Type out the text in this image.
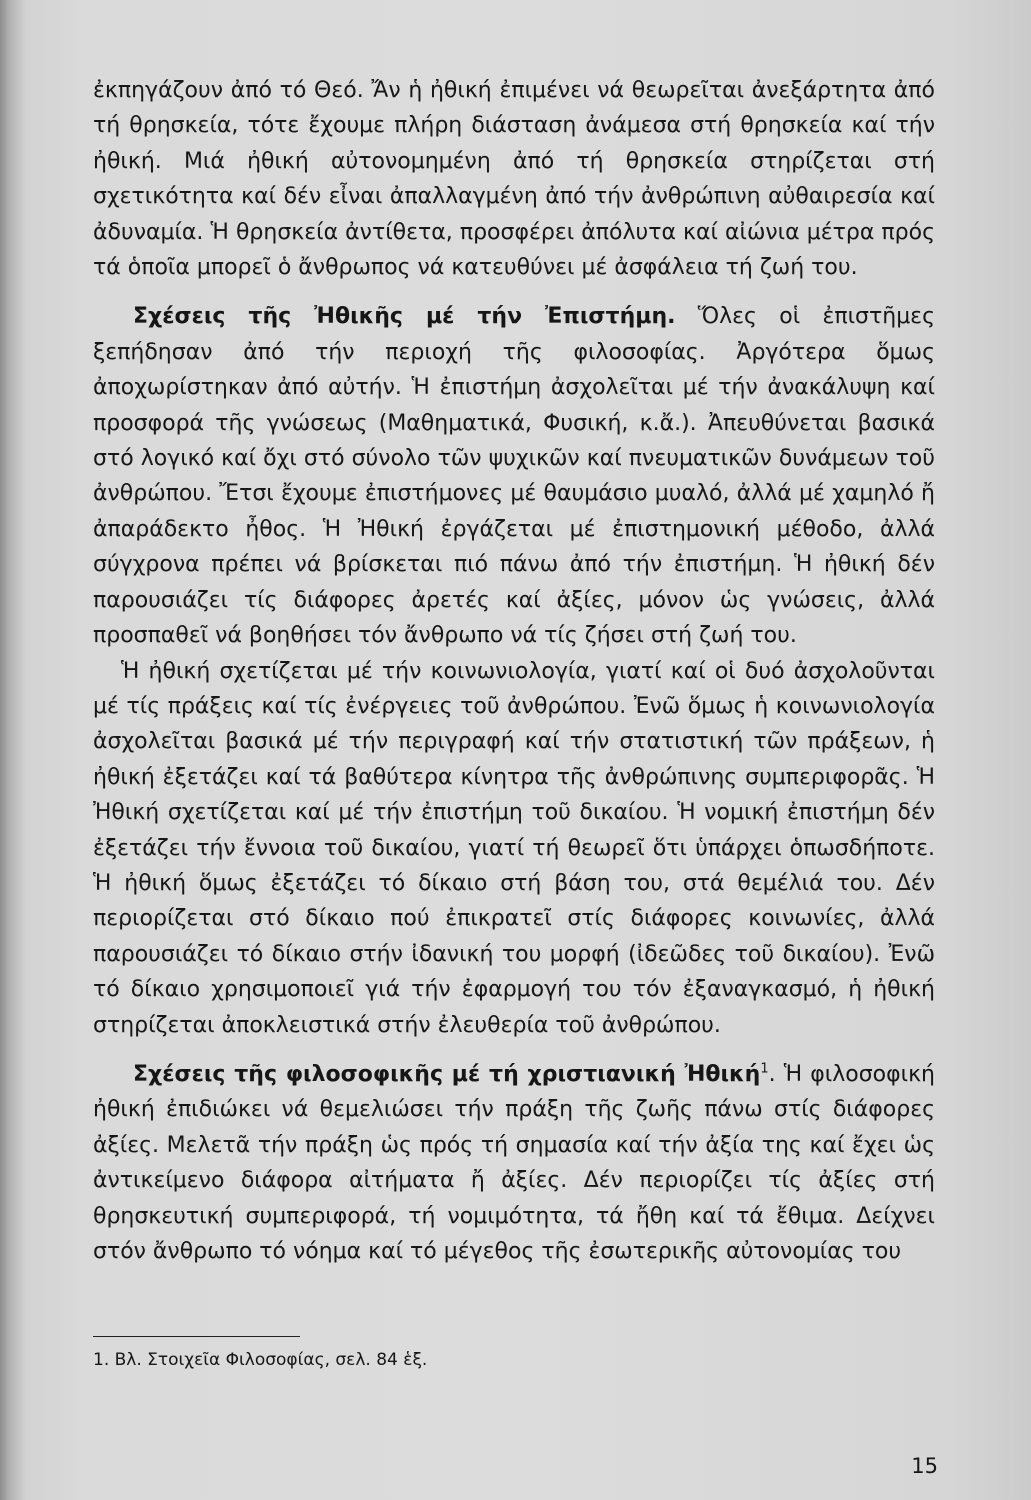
ἐκπηγάζουν ἀπό τό Θεό. Ἄν ἡ ἠθική ἐπιμένει νά θεωρεῖται ἀνεξάρτητα ἀπό τή θρησκεία, τότε ἔχουμε πλήρη διάσταση ἀνάμεσα στή θρησκεία καί τήν ἠθική. Μιά ἠθική αὐτονομημένη ἀπό τή θρησκεία στηρίζεται στή σχετικότητα καί δέν εἶναι ἀπαλλαγμένη ἀπό τήν ἀνθρώπινη αὐθαιρεσία καί ἀδυναμία. Ἡ θρησκεία ἀντίθετα, προσφέρει ἀπόλυτα καί αἰώνια μέτρα πρός τά ὁποῖα μπορεῖ ὁ ἄνθρωπος νά κατευθύνει μέ ἀσφάλεια τή ζωή του.

Σχέσεις τῆς Ἠθικῆς μέ τήν Ἐπιστήμη. Ὅλες οἱ ἐπιστῆμες ξεπήδησαν ἀπό τήν περιοχή τῆς φιλοσοφίας. Ἀργότερα ὅμως ἀποχωρίστηκαν ἀπό αὐτήν. Ἡ ἐπιστήμη ἀσχολεῖται μέ τήν ἀνακάλυψη καί προσφορά τῆς γνώσεως (Μαθηματικά, Φυσική, κ.ἄ.). Ἀπευθύνεται βασικά στό λογικό καί ὄχι στό σύνολο τῶν ψυχικῶν καί πνευματικῶν δυνάμεων τοῦ ἀνθρώπου. Ἔτσι ἔχουμε ἐπιστήμονες μέ θαυμάσιο μυαλό, ἀλλά μέ χαμηλό ἤ ἀπαράδεκτο ἦθος. Ἡ Ἠθική ἐργάζεται μέ ἐπιστημονική μέθοδο, ἀλλά σύγχρονα πρέπει νά βρίσκεται πιό πάνω ἀπό τήν ἐπιστήμη. Ἡ ἠθική δέν παρουσιάζει τίς διάφορες ἀρετές καί ἀξίες, μόνον ὡς γνώσεις, ἀλλά προσπαθεῖ νά βοηθήσει τόν ἄνθρωπο νά τίς ζήσει στή ζωή του.

Ἡ ἠθική σχετίζεται μέ τήν κοινωνιολογία, γιατί καί οἱ δυό ἀσχολοῦνται μέ τίς πράξεις καί τίς ἐνέργειες τοῦ ἀνθρώπου. Ἐνῶ ὅμως ἡ κοινωνιολογία ἀσχολεῖται βασικά μέ τήν περιγραφή καί τήν στατιστική τῶν πράξεων, ἡ ἠθική ἐξετάζει καί τά βαθύτερα κίνητρα τῆς ἀνθρώπινης συμπεριφορᾶς. Ἡ Ἠθική σχετίζεται καί μέ τήν ἐπιστήμη τοῦ δικαίου. Ἡ νομική ἐπιστήμη δέν ἐξετάζει τήν ἔννοια τοῦ δικαίου, γιατί τή θεωρεῖ ὅτι ὑπάρχει ὁπωσδήποτε. Ἡ ἠθική ὅμως ἐξετάζει τό δίκαιο στή βάση του, στά θεμέλιά του. Δέν περιορίζεται στό δίκαιο πού ἐπικρατεῖ στίς διάφορες κοινωνίες, ἀλλά παρουσιάζει τό δίκαιο στήν ἰδανική του μορφή (ἰδεῶδες τοῦ δικαίου). Ἐνῶ τό δίκαιο χρησιμοποιεῖ γιά τήν ἐφαρμογή του τόν ἐξαναγκασμό, ἡ ἠθική στηρίζεται ἀποκλειστικά στήν ἐλευθερία τοῦ ἀνθρώπου.

Σχέσεις τῆς φιλοσοφικῆς μέ τή χριστιανική Ἠθική$^1$. Ἡ φιλοσοφική ἠθική ἐπιδιώκει νά θεμελιώσει τήν πράξη τῆς ζωῆς πάνω στίς διάφορες ἀξίες. Μελετᾶ τήν πράξη ὡς πρός τή σημασία καί τήν ἀξία της καί ἔχει ὡς ἀντικείμενο διάφορα αἰτήματα ἤ ἀξίες. Δέν περιορίζει τίς ἀξίες στή θρησκευτική συμπεριφορά, τή νομιμότητα, τά ἤθη καί τά ἔθιμα. Δείχνει στόν ἄνθρωπο τό νόημα καί τό μέγεθος τῆς ἐσωτερικῆς αὐτονομίας του

1. Βλ. Στοιχεῖα Φιλοσοφίας, σελ. 84 ἑξ.

15
